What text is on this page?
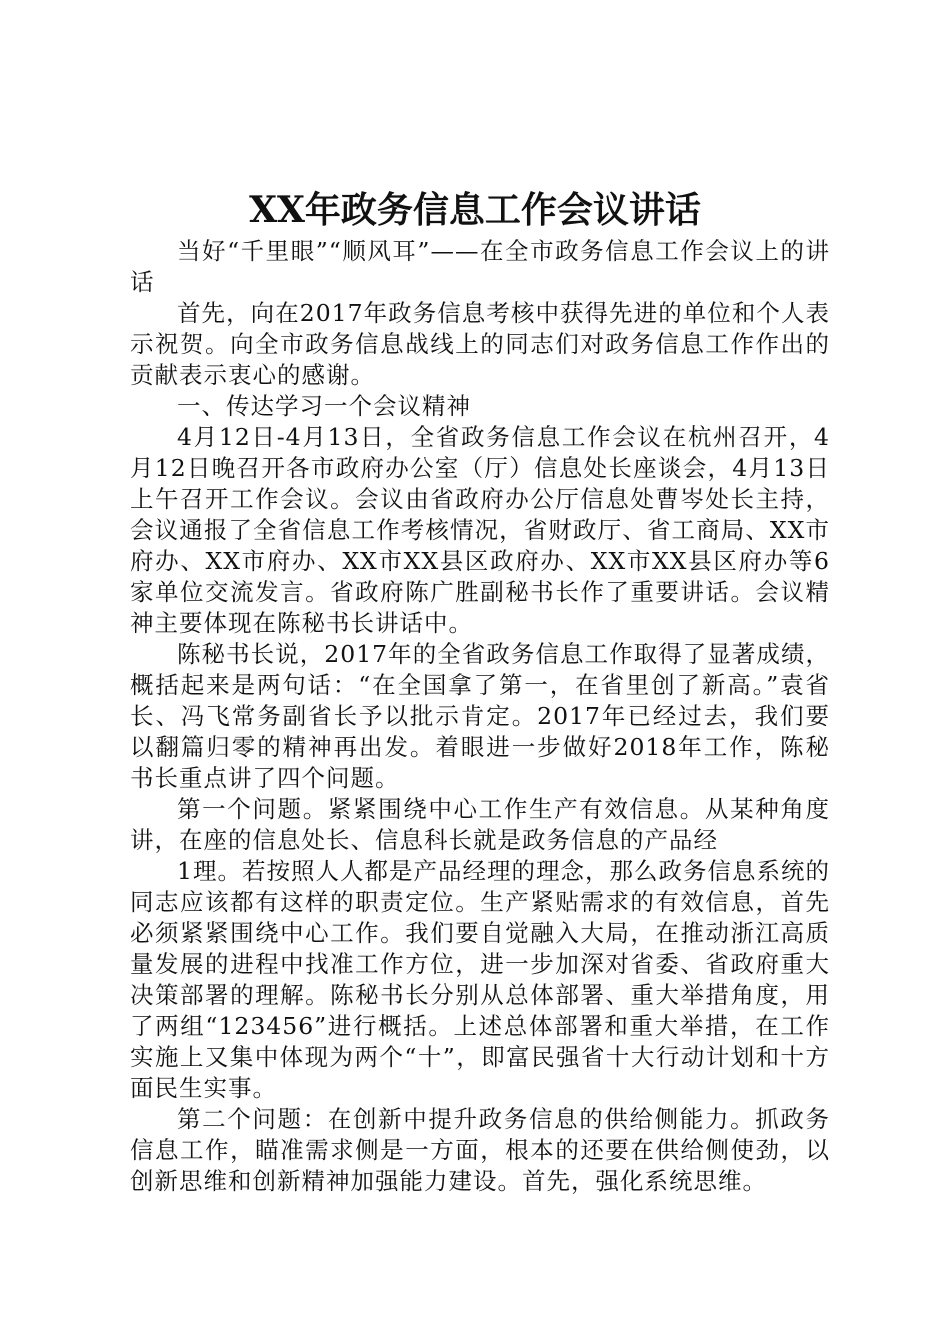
XX年政务信息工作会议讲话

当好“千里眼”“顺风耳”——在全市政务信息工作会议上的讲话

首先，向在2017年政务信息考核中获得先进的单位和个人表示祝贺。向全市政务信息战线上的同志们对政务信息工作作出的贡献表示衷心的感谢。

一、传达学习一个会议精神

4月12日-4月13日，全省政务信息工作会议在杭州召开，4月12日晚召开各市政府办公室（厅）信息处长座谈会，4月13日上午召开工作会议。会议由省政府办公厅信息处曹岑处长主持，会议通报了全省信息工作考核情况，省财政厅、省工商局、XX市府办、XX市府办、XX市XX县区政府办、XX市XX县区府办等6家单位交流发言。省政府陈广胜副秘书长作了重要讲话。会议精神主要体现在陈秘书长讲话中。

陈秘书长说，2017年的全省政务信息工作取得了显著成绩，概括起来是两句话：“在全国拿了第一，在省里创了新高。”袁省长、冯飞常务副省长予以批示肯定。2017年已经过去，我们要以翻篇归零的精神再出发。着眼进一步做好2018年工作，陈秘书长重点讲了四个问题。

第一个问题。紧紧围绕中心工作生产有效信息。从某种角度讲，在座的信息处长、信息科长就是政务信息的产品经

1理。若按照人人都是产品经理的理念，那么政务信息系统的同志应该都有这样的职责定位。生产紧贴需求的有效信息，首先必须紧紧围绕中心工作。我们要自觉融入大局，在推动浙江高质量发展的进程中找准工作方位，进一步加深对省委、省政府重大决策部署的理解。陈秘书长分别从总体部署、重大举措角度，用了两组“123456”进行概括。上述总体部署和重大举措，在工作实施上又集中体现为两个“十”，即富民强省十大行动计划和十方面民生实事。

第二个问题：在创新中提升政务信息的供给侧能力。抓政务信息工作，瞄准需求侧是一方面，根本的还要在供给侧使劲，以创新思维和创新精神加强能力建设。首先，强化系统思维。
